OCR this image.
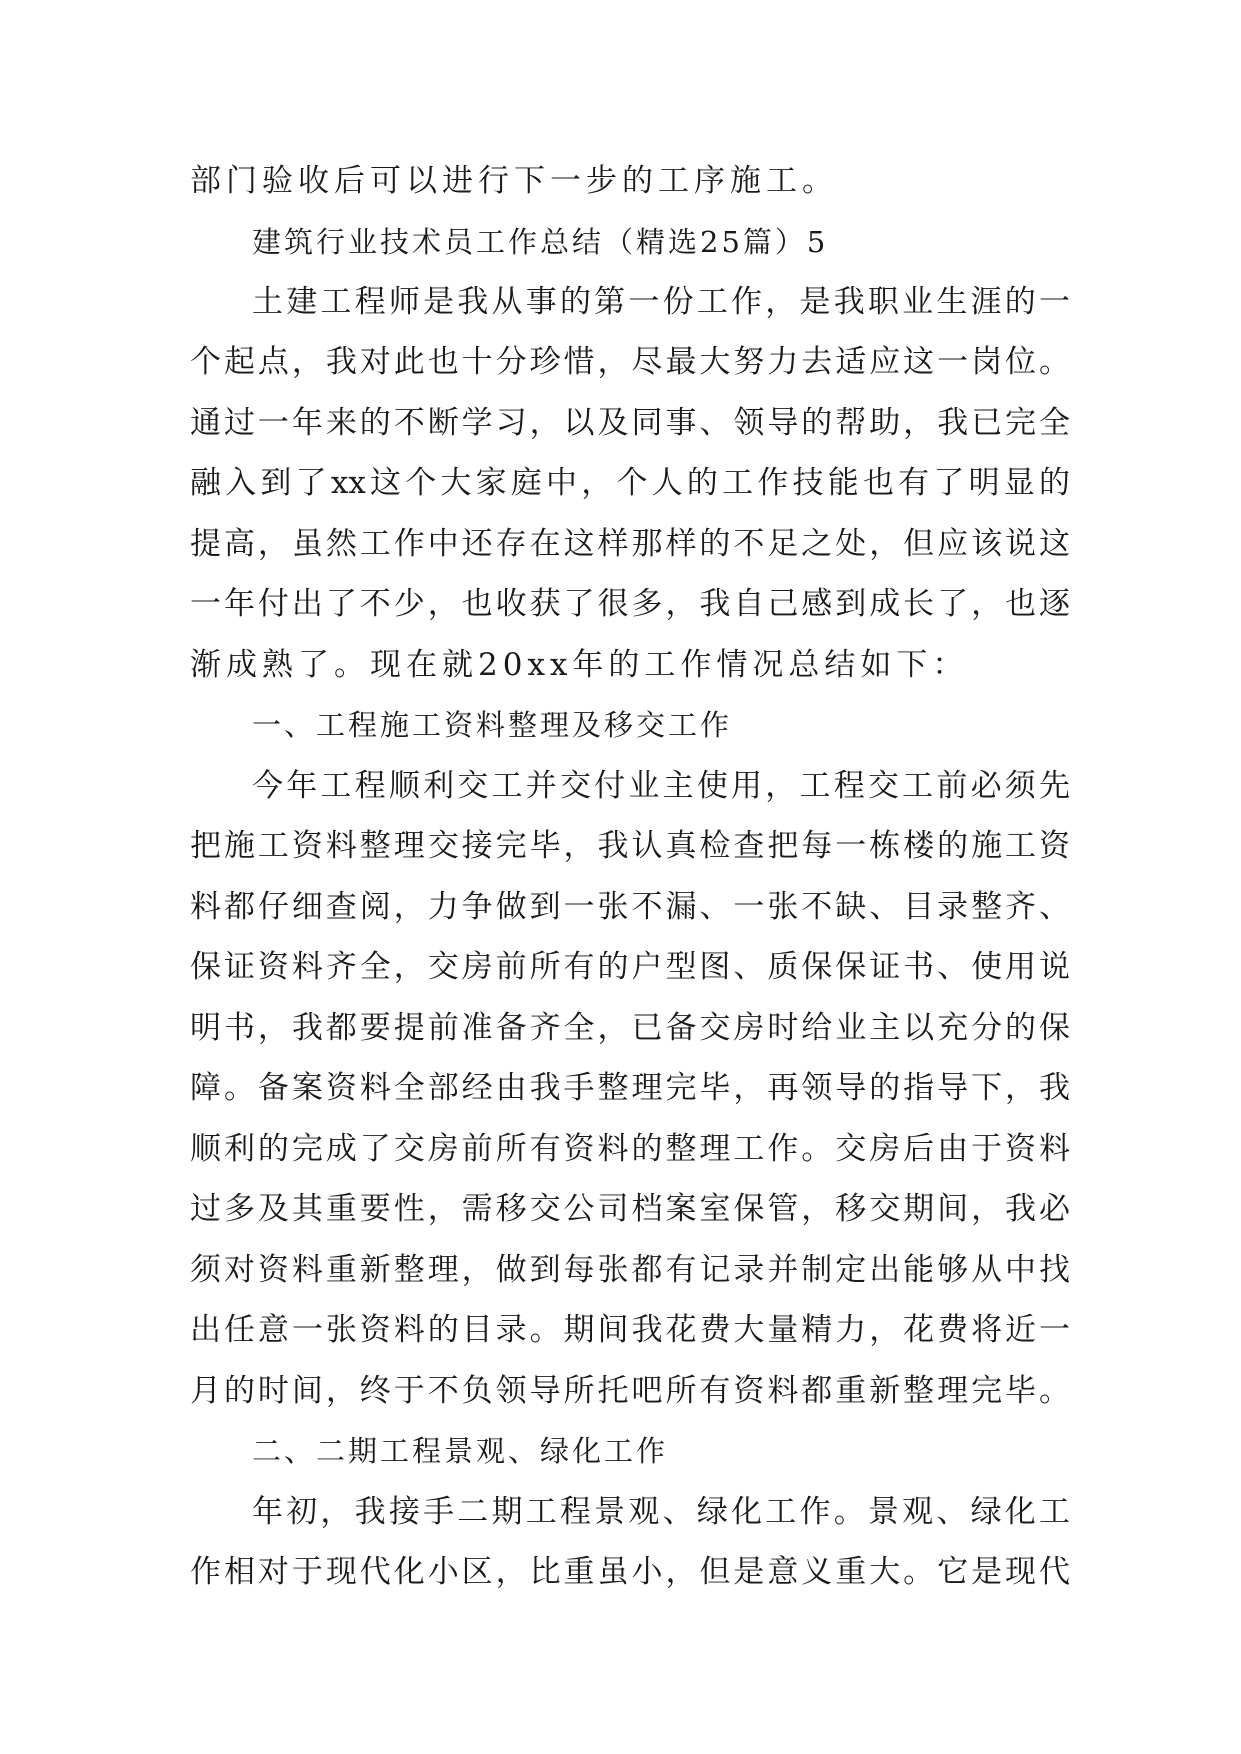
部门验收后可以进行下一步的工序施工。
建筑行业技术员工作总结（精选25篇）5
土建工程师是我从事的第一份工作，是我职业生涯的一
个起点，我对此也十分珍惜，尽最大努力去适应这一岗位。
通过一年来的不断学习，以及同事、领导的帮助，我已完全
融入到了xx这个大家庭中，个人的工作技能也有了明显的
提高，虽然工作中还存在这样那样的不足之处，但应该说这
一年付出了不少，也收获了很多，我自己感到成长了，也逐
渐成熟了。现在就20xx年的工作情况总结如下：
一、工程施工资料整理及移交工作
今年工程顺利交工并交付业主使用，工程交工前必须先
把施工资料整理交接完毕，我认真检查把每一栋楼的施工资
料都仔细查阅，力争做到一张不漏、一张不缺、目录整齐、
保证资料齐全，交房前所有的户型图、质保保证书、使用说
明书，我都要提前准备齐全，已备交房时给业主以充分的保
障。备案资料全部经由我手整理完毕，再领导的指导下，我
顺利的完成了交房前所有资料的整理工作。交房后由于资料
过多及其重要性，需移交公司档案室保管，移交期间，我必
须对资料重新整理，做到每张都有记录并制定出能够从中找
出任意一张资料的目录。期间我花费大量精力，花费将近一
月的时间，终于不负领导所托吧所有资料都重新整理完毕。
二、二期工程景观、绿化工作
年初，我接手二期工程景观、绿化工作。景观、绿化工
作相对于现代化小区，比重虽小，但是意义重大。它是现代
